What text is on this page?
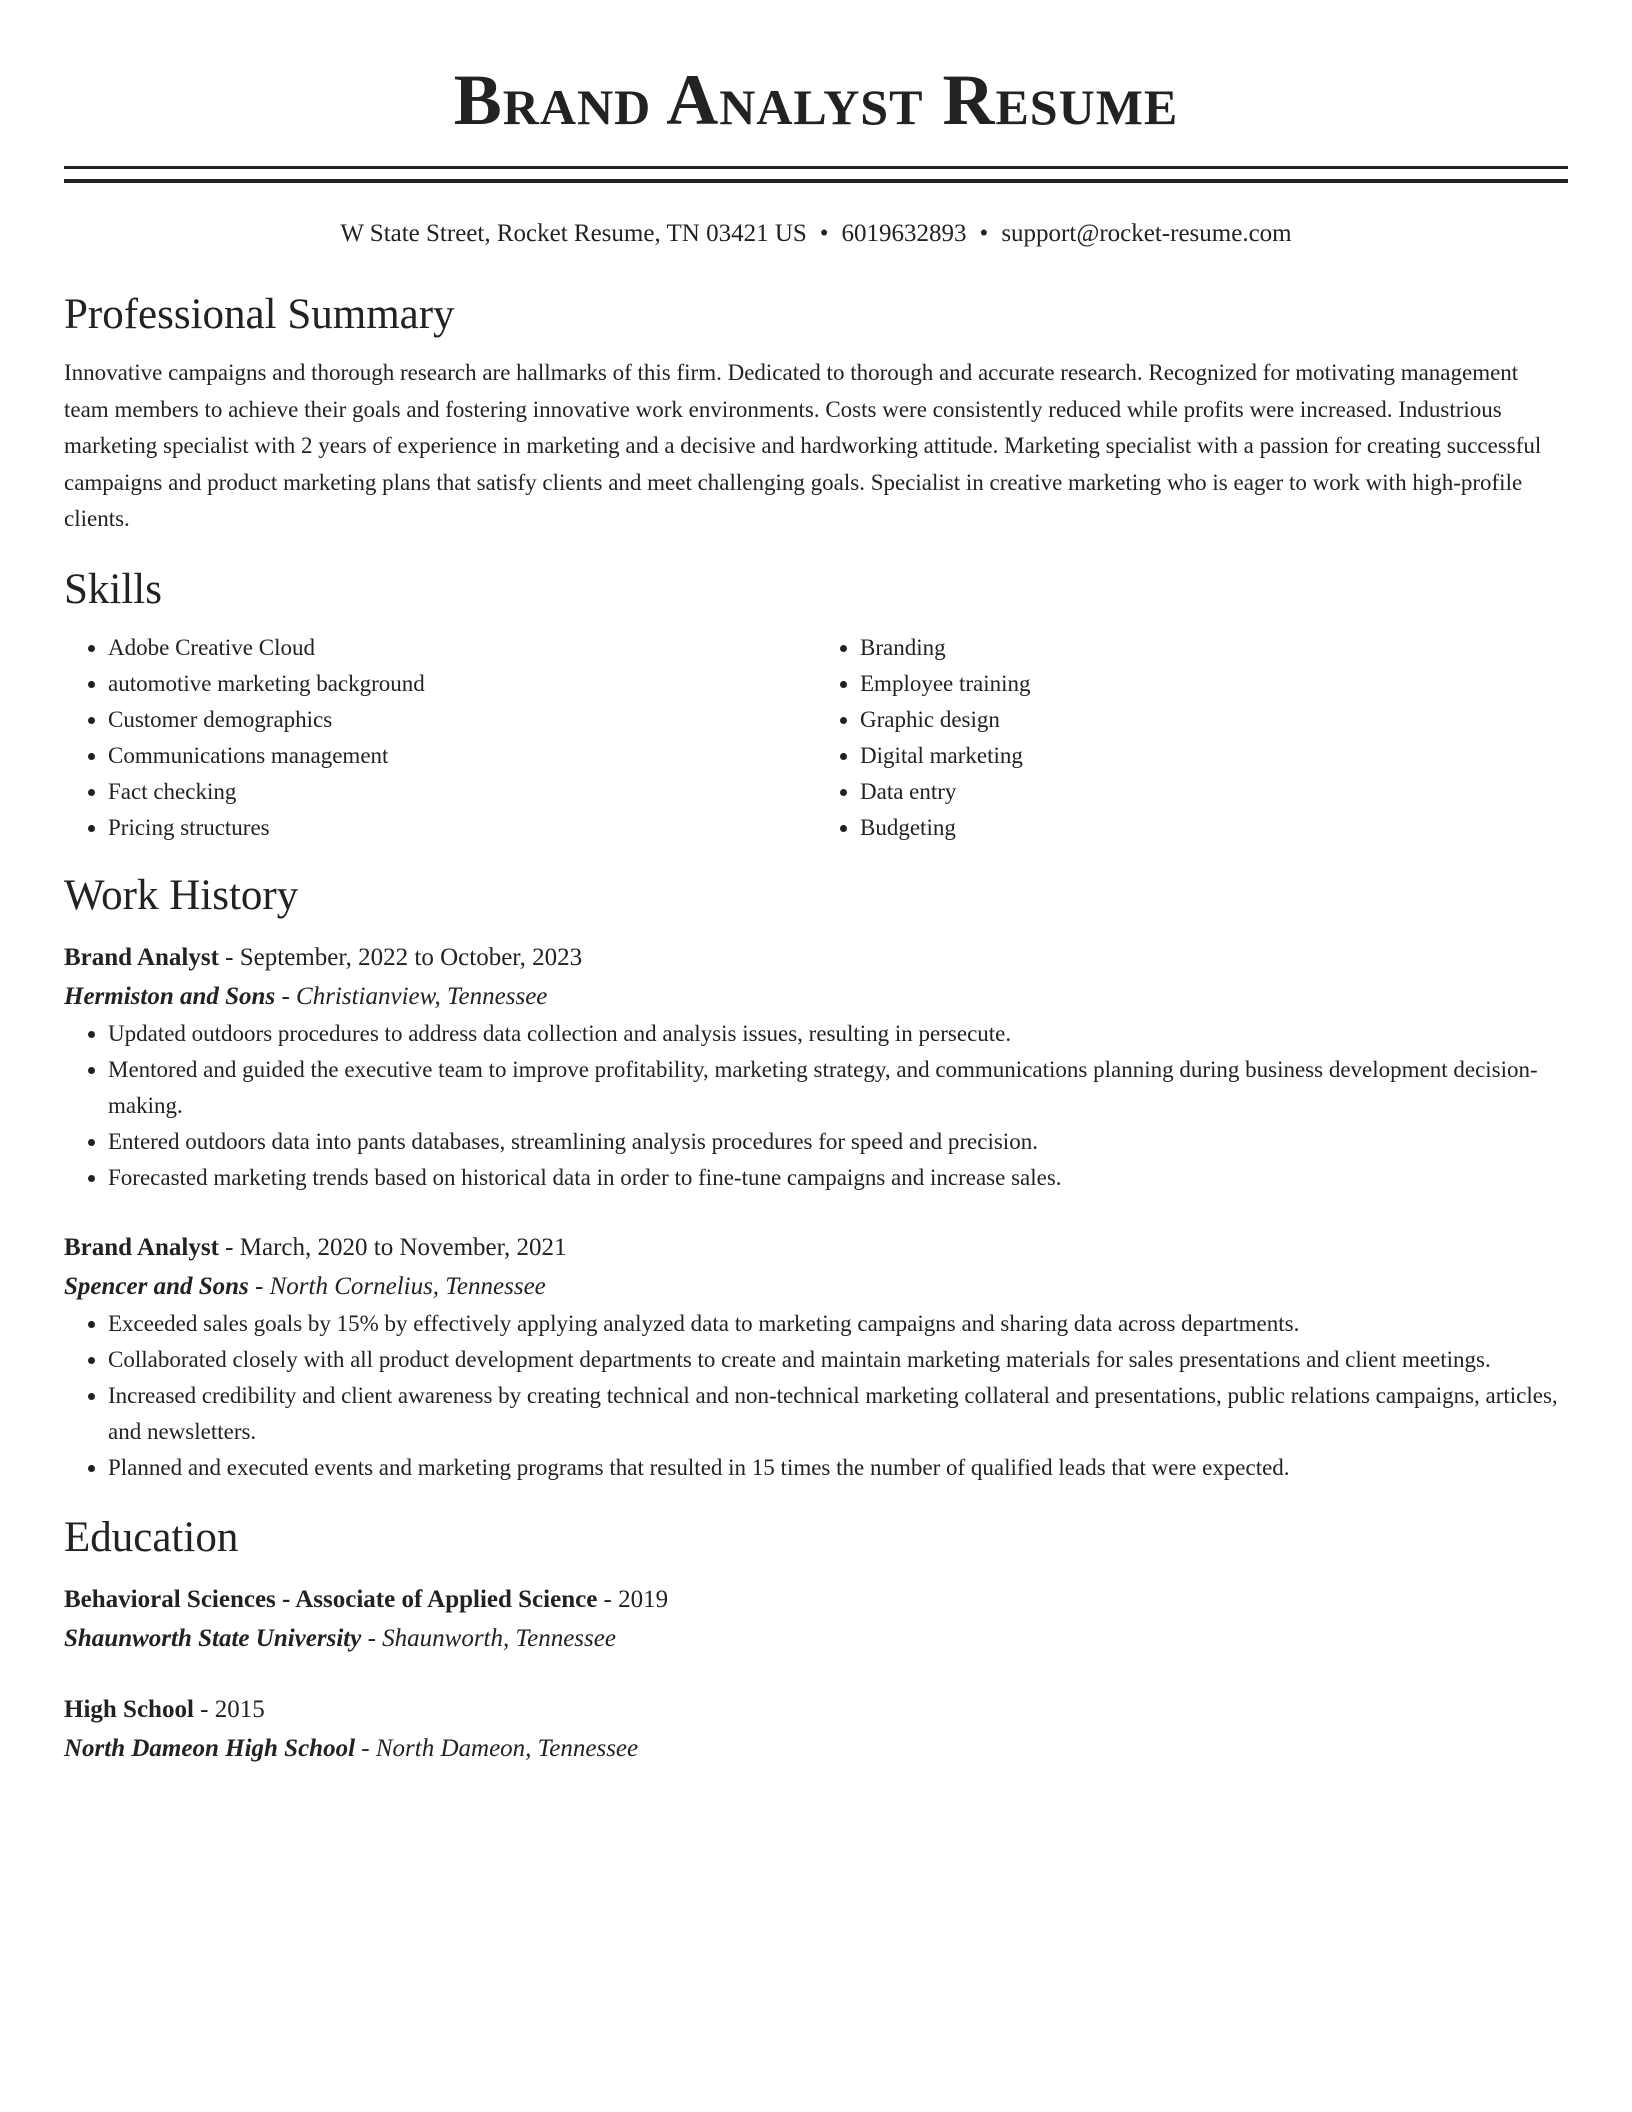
Brand Analyst Resume
W State Street, Rocket Resume, TN 03421 US • 6019632893 • support@rocket-resume.com
Professional Summary

Innovative campaigns and thorough research are hallmarks of this firm. Dedicated to thorough and accurate research. Recognized for motivating management team members to achieve their goals and fostering innovative work environments. Costs were consistently reduced while profits were increased. Industrious marketing specialist with 2 years of experience in marketing and a decisive and hardworking attitude. Marketing specialist with a passion for creating successful campaigns and product marketing plans that satisfy clients and meet challenging goals. Specialist in creative marketing who is eager to work with high-profile clients.

Skills
• Adobe Creative Cloud
• automotive marketing background
• Customer demographics
• Communications management
• Fact checking
• Pricing structures
• Branding
• Employee training
• Graphic design
• Digital marketing
• Data entry
• Budgeting
Work History
Brand Analyst - September, 2022 to October, 2023
Hermiston and Sons - Christianview, Tennessee
• Updated outdoors procedures to address data collection and analysis issues, resulting in persecute.
• Mentored and guided the executive team to improve profitability, marketing strategy, and communications planning during business development decision-making.
• Entered outdoors data into pants databases, streamlining analysis procedures for speed and precision.
• Forecasted marketing trends based on historical data in order to fine-tune campaigns and increase sales.
Brand Analyst - March, 2020 to November, 2021
Spencer and Sons - North Cornelius, Tennessee
• Exceeded sales goals by 15% by effectively applying analyzed data to marketing campaigns and sharing data across departments.
• Collaborated closely with all product development departments to create and maintain marketing materials for sales presentations and client meetings.
• Increased credibility and client awareness by creating technical and non-technical marketing collateral and presentations, public relations campaigns, articles, and newsletters.
• Planned and executed events and marketing programs that resulted in 15 times the number of qualified leads that were expected.
Education
Behavioral Sciences - Associate of Applied Science - 2019
Shaunworth State University - Shaunworth, Tennessee
High School - 2015
North Dameon High School - North Dameon, Tennessee
